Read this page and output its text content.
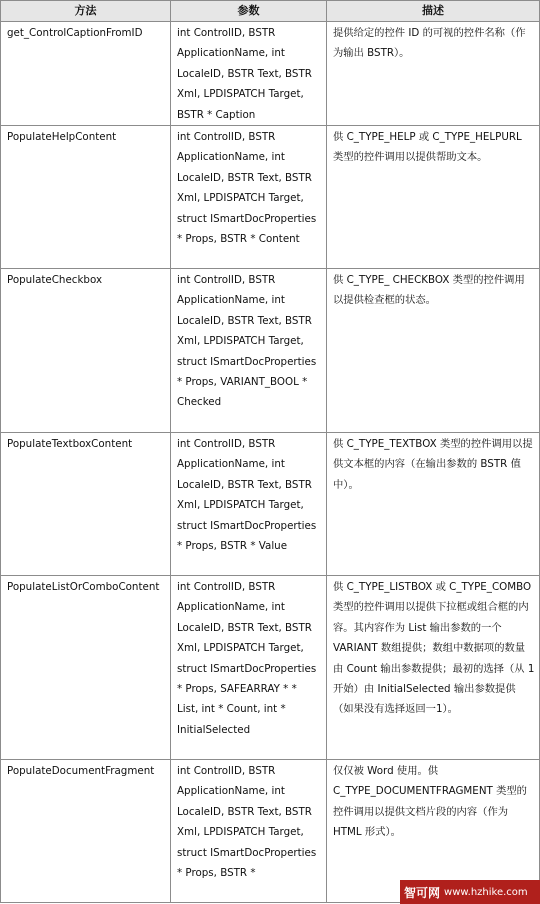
方法	参数	描述
get_ControlCaptionFromID	int ControlID, BSTR ApplicationName, int LocaleID, BSTR Text, BSTR Xml, LPDISPATCH Target, BSTR * Caption	提供给定的控件 ID 的可视的控件名称（作为输出 BSTR）。
PopulateHelpContent	int ControlID, BSTR ApplicationName, int LocaleID, BSTR Text, BSTR Xml, LPDISPATCH Target, struct ISmartDocProperties * Props, BSTR * Content	供 C_TYPE_HELP 或 C_TYPE_HELPURL 类型的控件调用以提供帮助文本。
PopulateCheckbox	int ControlID, BSTR ApplicationName, int LocaleID, BSTR Text, BSTR Xml, LPDISPATCH Target, struct ISmartDocProperties * Props, VARIANT_BOOL * Checked	供 C_TYPE_ CHECKBOX 类型的控件调用以提供检查框的状态。
PopulateTextboxContent	int ControlID, BSTR ApplicationName, int LocaleID, BSTR Text, BSTR Xml, LPDISPATCH Target, struct ISmartDocProperties * Props, BSTR * Value	供 C_TYPE_TEXTBOX 类型的控件调用以提供文本框的内容（在输出参数的 BSTR 值中）。
PopulateListOrComboContent	int ControlID, BSTR ApplicationName, int LocaleID, BSTR Text, BSTR Xml, LPDISPATCH Target, struct ISmartDocProperties * Props, SAFEARRAY * * List, int * Count, int * InitialSelected	供 C_TYPE_LISTBOX 或 C_TYPE_COMBO 类型的控件调用以提供下拉框或组合框的内容。其内容作为 List 输出参数的一个 VARIANT 数组提供；数组中数据项的数量由 Count 输出参数提供；最初的选择（从 1 开始）由 InitialSelected 输出参数提供（如果没有选择返回一1）。
PopulateDocumentFragment	int ControlID, BSTR ApplicationName, int LocaleID, BSTR Text, BSTR Xml, LPDISPATCH Target, struct ISmartDocProperties * Props, BSTR *	仅仅被 Word 使用。供 C_TYPE_DOCUMENTFRAGMENT 类型的控件调用以提供文档片段的内容（作为 HTML 形式）。
智可网 www.hzhike.com
